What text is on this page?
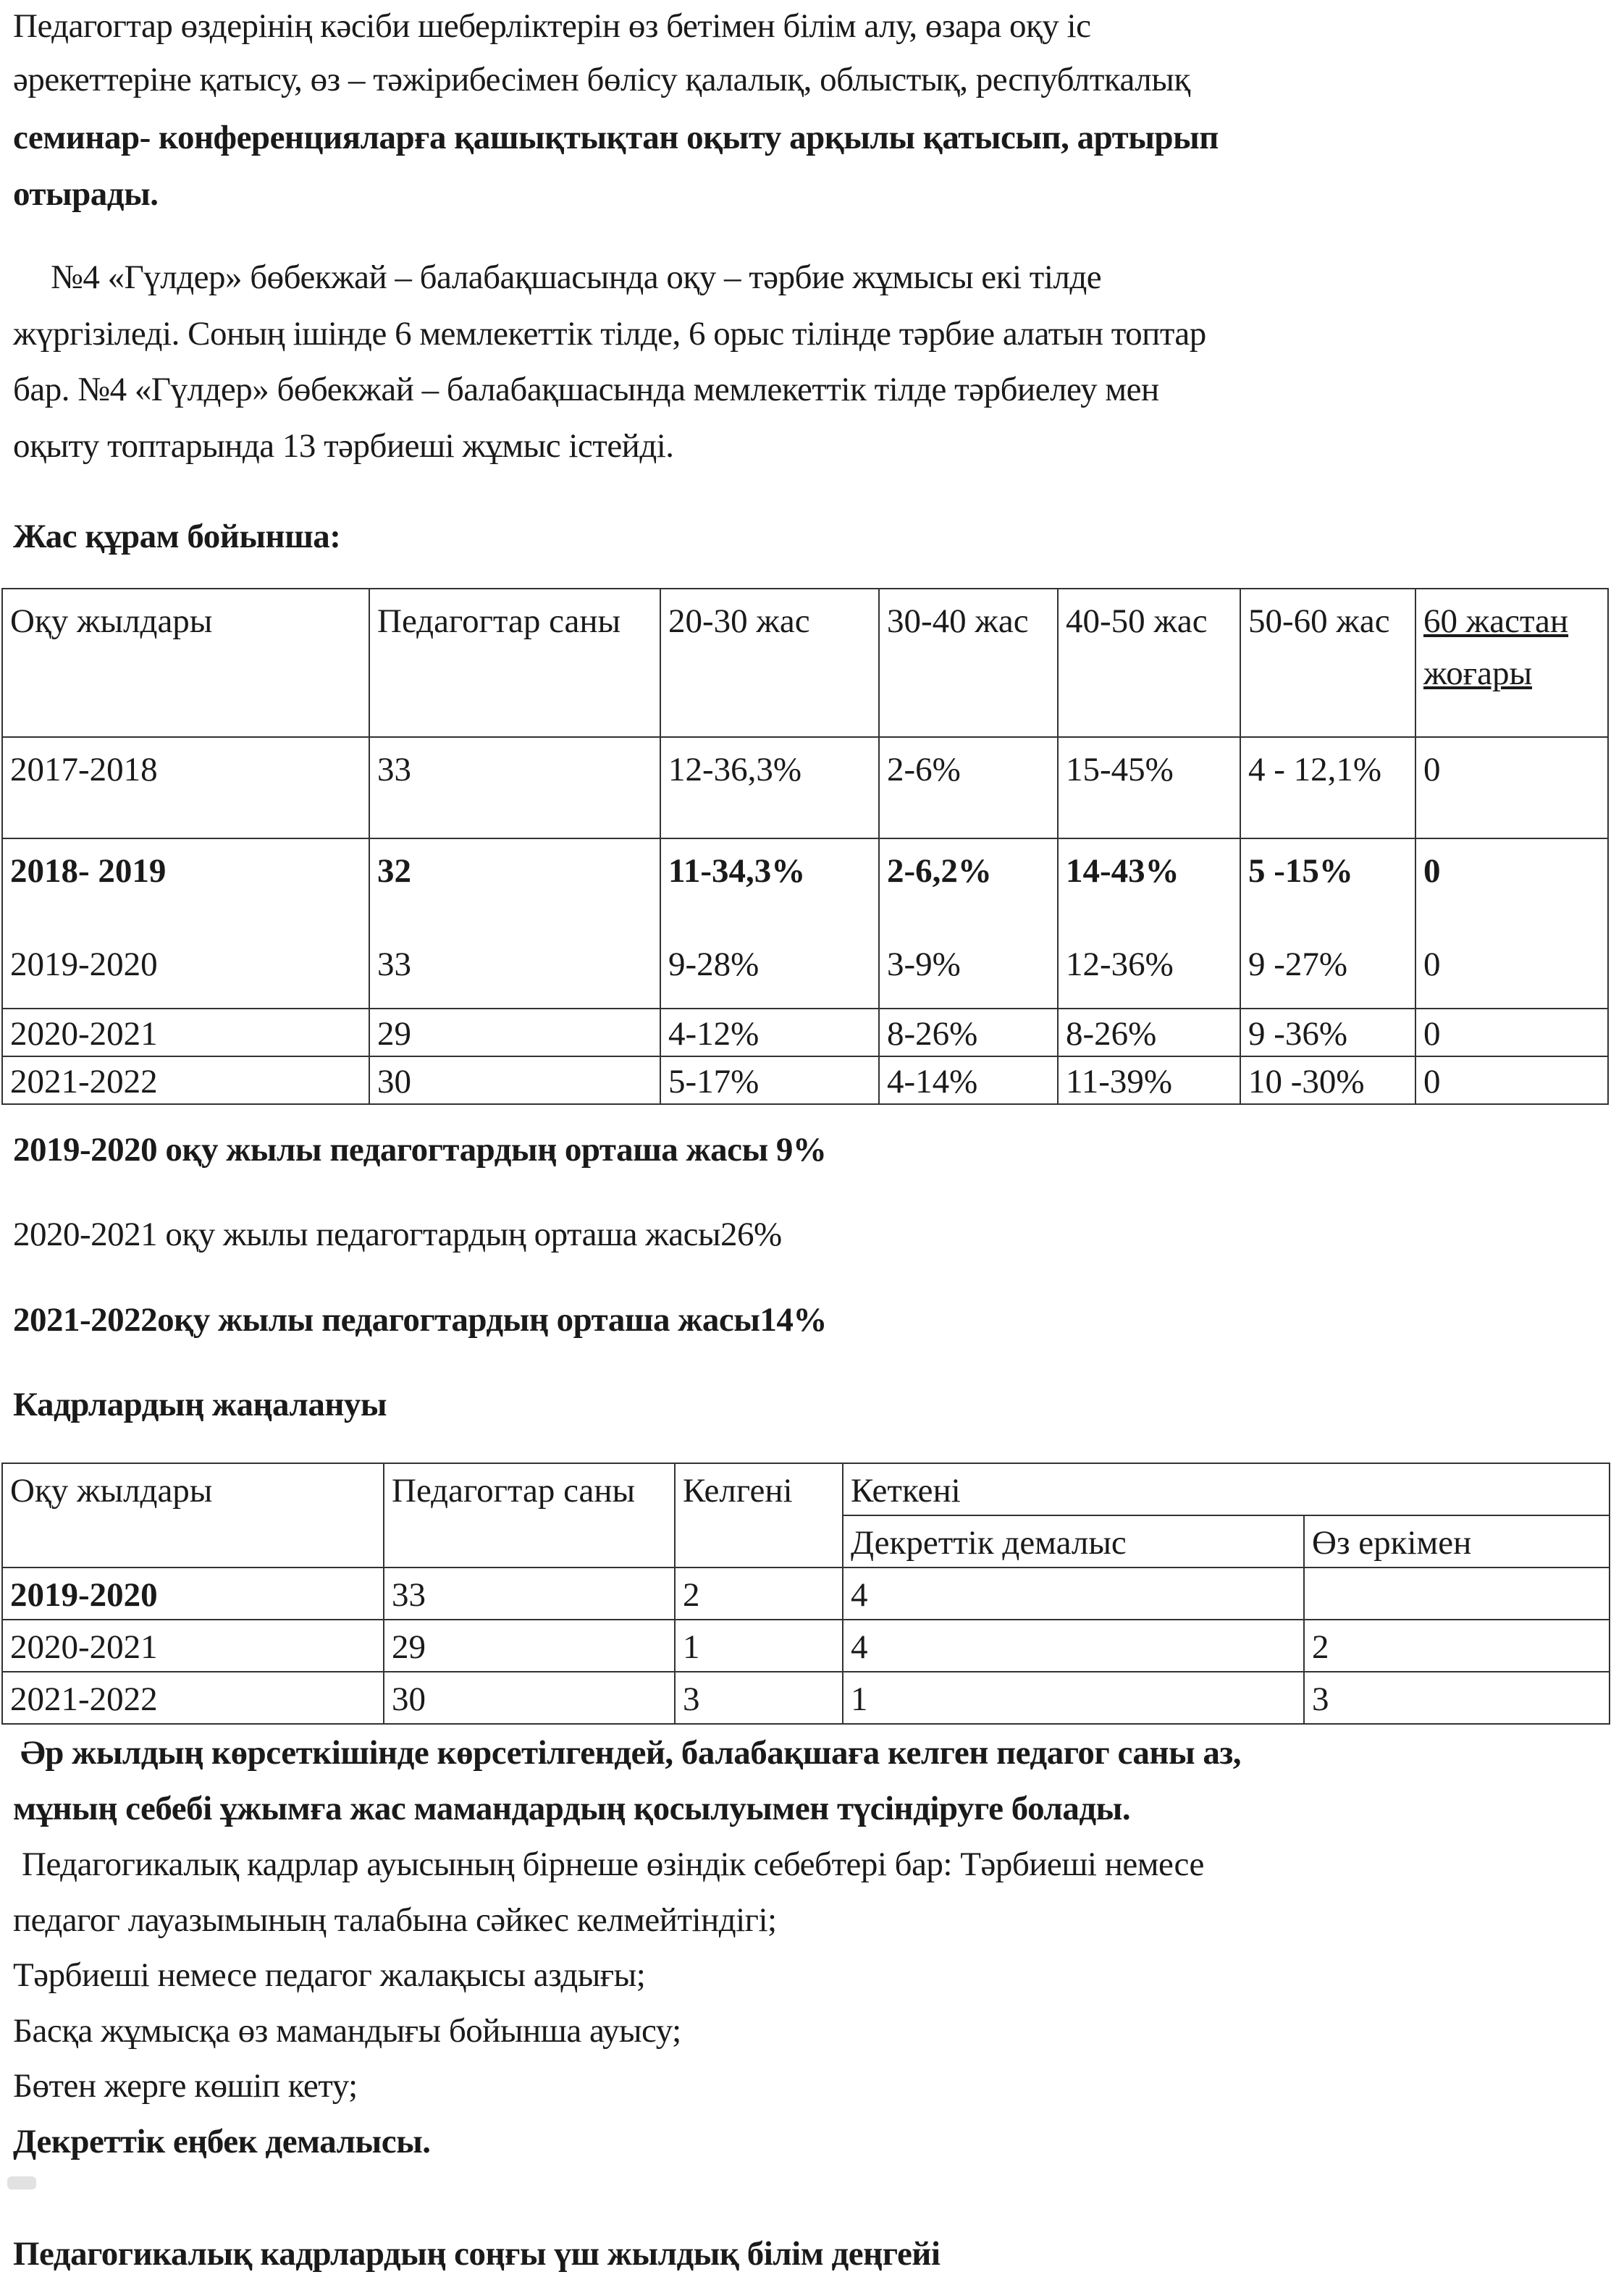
Педагогтар өздерінің кәсіби шеберліктерін өз бетімен білім алу, өзара оқу іс
әрекеттеріне қатысу, өз – тәжірибесімен бөлісу қалалық, облыстық, республткалық
семинар- конференцияларға қашықтықтан оқыту арқылы қатысып, артырып
отырады.
№4 «Гүлдер» бөбекжай – балабақшасында оқу – тәрбие жұмысы екі тілде
жүргізіледі. Соның ішінде 6 мемлекеттік тілде, 6 орыс тілінде тәрбие алатын топтар
бар. №4 «Гүлдер» бөбекжай – балабақшасында мемлекеттік тілде тәрбиелеу мен
оқыту топтарында 13 тәрбиеші жұмыс істейді.
Жас құрам бойынша:
Оқу жылдары	Педагогтар саны	20-30 жас	30-40 жас	40-50 жас	50-60 жас	60 жастан жоғары
2017-2018	33	12-36,3%	2-6%	15-45%	4 - 12,1%	0
2018- 2019	32	11-34,3%	2-6,2%	14-43%	5 -15%	0
2019-2020	33	9-28%	3-9%	12-36%	9 -27%	0
2020-2021	29	4-12%	8-26%	8-26%	9 -36%	0
2021-2022	30	5-17%	4-14%	11-39%	10 -30%	0
2019-2020 оқу жылы педагогтардың орташа жасы 9%
2020-2021 оқу жылы педагогтардың орташа жасы26%
2021-2022оқу жылы педагогтардың орташа жасы14%
Кадрлардың жаңалануы
Оқу жылдары	Педагогтар саны	Келгені	Кеткені	
			Декреттік демалыс	Өз еркімен
2019-2020	33	2	4	
2020-2021	29	1	4	2
2021-2022	30	3	1	3
Әр жылдың көрсеткішінде көрсетілгендей, балабақшаға келген педагог саны аз,
мұның себебі ұжымға жас мамандардың қосылуымен түсіндіруге болады.
Педагогикалық кадрлар ауысының бірнеше өзіндік себебтері бар: Тәрбиеші немесе
педагог лауазымының талабына сәйкес келмейтіндігі;
Тәрбиеші немесе педагог жалақысы аздығы;
Басқа жұмысқа өз мамандығы бойынша ауысу;
Бөтен жерге көшіп кету;
Декреттік еңбек демалысы.
Педагогикалық кадрлардың соңғы үш жылдық білім деңгейі
